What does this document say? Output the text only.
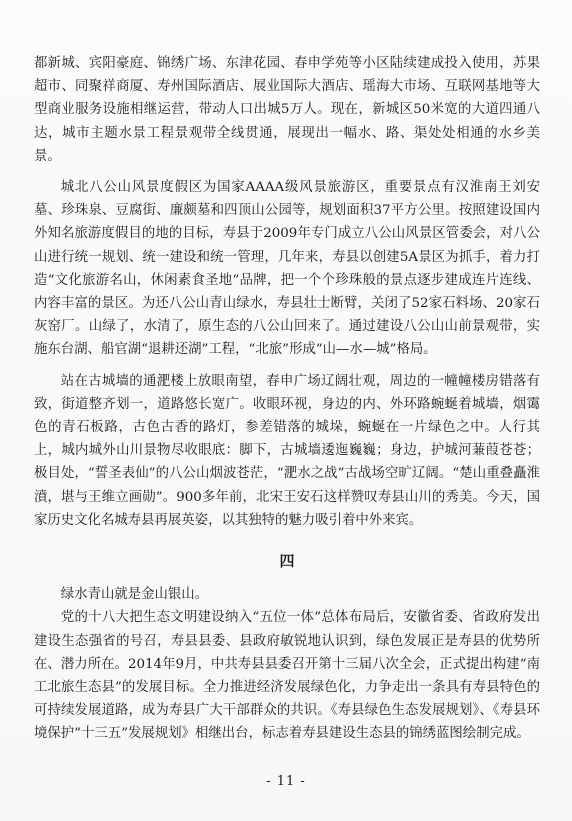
都新城、宾阳豪庭、锦绣广场、东津花园、春申学苑等小区陆续建成投入使用，苏果超市、同聚祥商厦、寿州国际酒店、展业国际大酒店、瑶海大市场、互联网基地等大型商业服务设施相继运营，带动人口出城5万人。现在，新城区50米宽的大道四通八达，城市主题水景工程景观带全线贯通，展现出一幅水、路、渠处处相通的水乡美景。

城北八公山风景度假区为国家AAAA级风景旅游区，重要景点有汉淮南王刘安墓、珍珠泉、豆腐街、廉颇墓和四顶山公园等，规划面积37平方公里。按照建设国内外知名旅游度假目的地的目标，寿县于2009年专门成立八公山风景区管委会，对八公山进行统一规划、统一建设和统一管理，几年来，寿县以创建5A景区为抓手，着力打造“文化旅游名山，休闲素食圣地”品牌，把一个个珍珠般的景点逐步建成连片连线、内容丰富的景区。为还八公山青山绿水，寿县壮士断臂，关闭了52家石料场、20家石灰窑厂。山绿了，水清了，原生态的八公山回来了。通过建设八公山山前景观带，实施东台湖、船官湖“退耕还湖”工程，“北旅”形成“山—水—城”格局。

站在古城墙的通淝楼上放眼南望，春申广场辽阔壮观，周边的一幢幢楼房错落有致，街道整齐划一，道路悠长宽广。收眼环视，身边的内、外环路蜿蜒着城墙，烟霭色的青石板路，古色古香的路灯，参差错落的城垛，蜿蜒在一片绿色之中。人行其上，城内城外山川景物尽收眼底：脚下，古城墙逶迤巍巍；身边，护城河蒹葭苍苍；极目处，“誓圣表仙”的八公山烟波苍茫，“淝水之战”古战场空旷辽阔。“楚山重叠矗淮濆，堪与王维立画勋”。900多年前，北宋王安石这样赞叹寿县山川的秀美。今天，国家历史文化名城寿县再展英姿，以其独特的魅力吸引着中外来宾。

四

绿水青山就是金山银山。

党的十八大把生态文明建设纳入“五位一体”总体布局后，安徽省委、省政府发出建设生态强省的号召，寿县县委、县政府敏锐地认识到，绿色发展正是寿县的优势所在、潜力所在。2014年9月，中共寿县县委召开第十三届八次全会，正式提出构建“南工北旅生态县”的发展目标。全力推进经济发展绿色化，力争走出一条具有寿县特色的可持续发展道路，成为寿县广大干部群众的共识。《寿县绿色生态发展规划》、《寿县环境保护“十三五”发展规划》相继出台，标志着寿县建设生态县的锦绣蓝图绘制完成。

- 11 -
